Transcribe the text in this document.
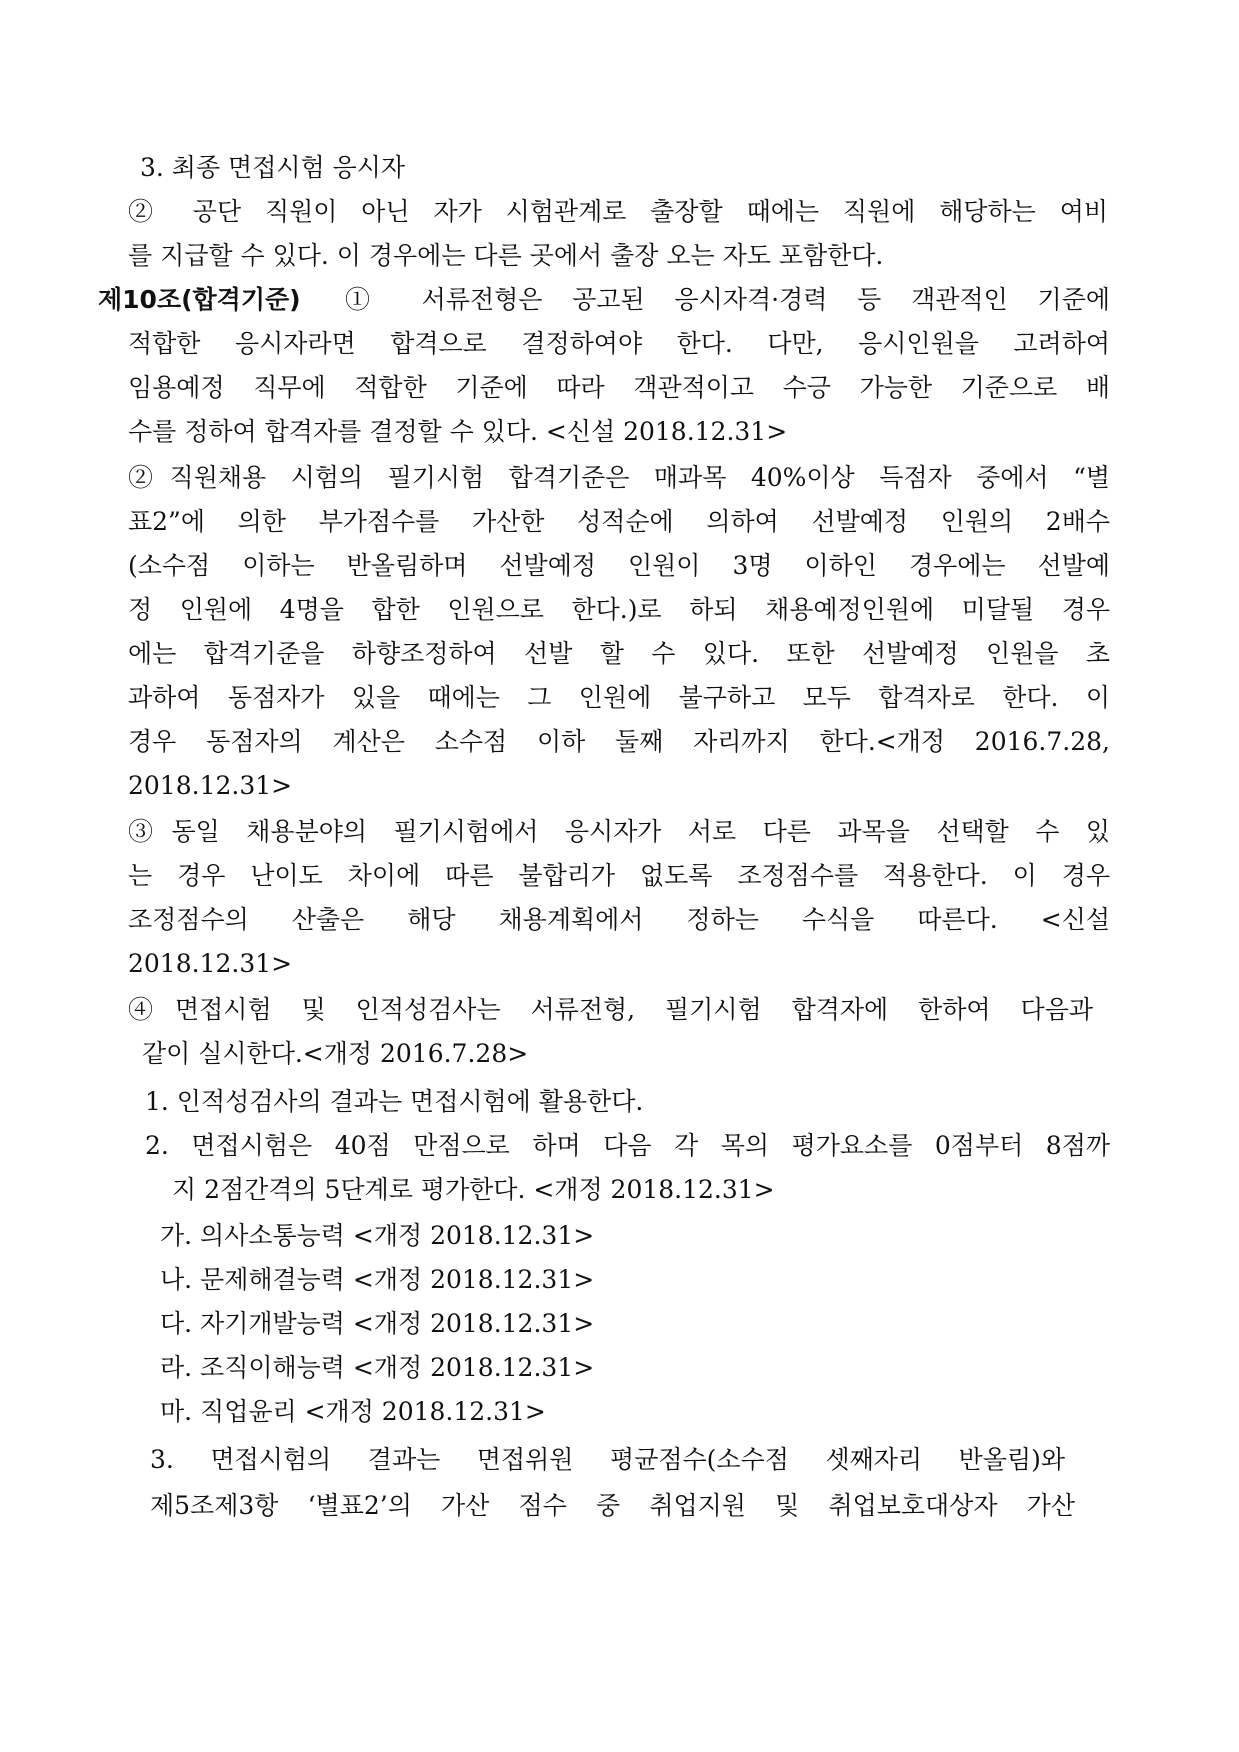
3. 최종 면접시험 응시자
② 공단 직원이 아닌 자가 시험관계로 출장할 때에는 직원에 해당하는 여비
를 지급할 수 있다. 이 경우에는 다른 곳에서 출장 오는 자도 포함한다.
제10조(합격기준) ① 서류전형은 공고된 응시자격·경력 등 객관적인 기준에
적합한 응시자라면 합격으로 결정하여야 한다. 다만, 응시인원을 고려하여
임용예정 직무에 적합한 기준에 따라 객관적이고 수긍 가능한 기준으로 배
수를 정하여 합격자를 결정할 수 있다. <신설 2018.12.31>
②직원채용 시험의 필기시험 합격기준은 매과목 40%이상 득점자 중에서 “별
표2”에 의한 부가점수를 가산한 성적순에 의하여 선발예정 인원의 2배수
(소수점 이하는 반올림하며 선발예정 인원이 3명 이하인 경우에는 선발예
정 인원에 4명을 합한 인원으로 한다.)로 하되 채용예정인원에 미달될 경우
에는 합격기준을 하향조정하여 선발 할 수 있다. 또한 선발예정 인원을 초
과하여 동점자가 있을 때에는 그 인원에 불구하고 모두 합격자로 한다. 이
경우 동점자의 계산은 소수점 이하 둘째 자리까지 한다.<개정 2016.7.28,
2018.12.31>
③동일 채용분야의 필기시험에서 응시자가 서로 다른 과목을 선택할 수 있
는 경우 난이도 차이에 따른 불합리가 없도록 조정점수를 적용한다. 이 경우
조정점수의 산출은 해당 채용계획에서 정하는 수식을 따른다. <신설
2018.12.31>
④면접시험 및 인적성검사는 서류전형, 필기시험 합격자에 한하여 다음과
같이 실시한다.<개정 2016.7.28>
1. 인적성검사의 결과는 면접시험에 활용한다.
2. 면접시험은 40점 만점으로 하며 다음 각 목의 평가요소를 0점부터 8점까
지 2점간격의 5단계로 평가한다. <개정 2018.12.31>
가. 의사소통능력 <개정 2018.12.31>
나. 문제해결능력 <개정 2018.12.31>
다. 자기개발능력 <개정 2018.12.31>
라. 조직이해능력 <개정 2018.12.31>
마. 직업윤리 <개정 2018.12.31>
3. 면접시험의 결과는 면접위원 평균점수(소수점 셋째자리 반올림)와
제5조제3항 ‘별표2’의 가산 점수 중 취업지원 및 취업보호대상자 가산
